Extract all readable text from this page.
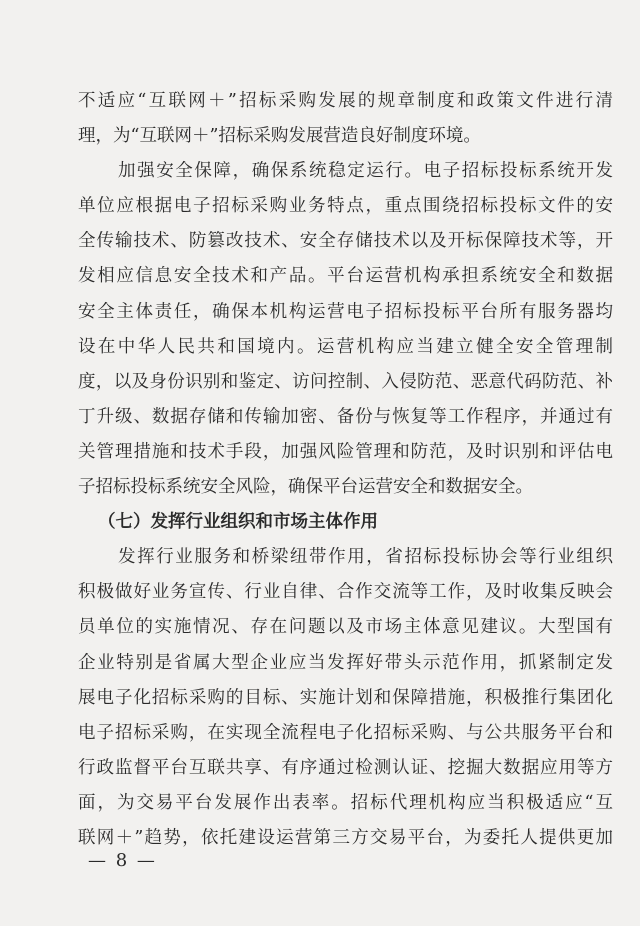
不适应“互联网＋”招标采购发展的规章制度和政策文件进行清
理，为“互联网＋”招标采购发展营造良好制度环境。
加强安全保障，确保系统稳定运行。电子招标投标系统开发
单位应根据电子招标采购业务特点，重点围绕招标投标文件的安
全传输技术、防篡改技术、安全存储技术以及开标保障技术等，开
发相应信息安全技术和产品。平台运营机构承担系统安全和数据
安全主体责任，确保本机构运营电子招标投标平台所有服务器均
设在中华人民共和国境内。运营机构应当建立健全安全管理制
度，以及身份识别和鉴定、访问控制、入侵防范、恶意代码防范、补
丁升级、数据存储和传输加密、备份与恢复等工作程序，并通过有
关管理措施和技术手段，加强风险管理和防范，及时识别和评估电
子招标投标系统安全风险，确保平台运营安全和数据安全。
（七）发挥行业组织和市场主体作用
发挥行业服务和桥梁纽带作用，省招标投标协会等行业组织
积极做好业务宣传、行业自律、合作交流等工作，及时收集反映会
员单位的实施情况、存在问题以及市场主体意见建议。大型国有
企业特别是省属大型企业应当发挥好带头示范作用，抓紧制定发
展电子化招标采购的目标、实施计划和保障措施，积极推行集团化
电子招标采购，在实现全流程电子化招标采购、与公共服务平台和
行政监督平台互联共享、有序通过检测认证、挖掘大数据应用等方
面，为交易平台发展作出表率。招标代理机构应当积极适应“互
联网＋”趋势，依托建设运营第三方交易平台，为委托人提供更加
— 8 —
